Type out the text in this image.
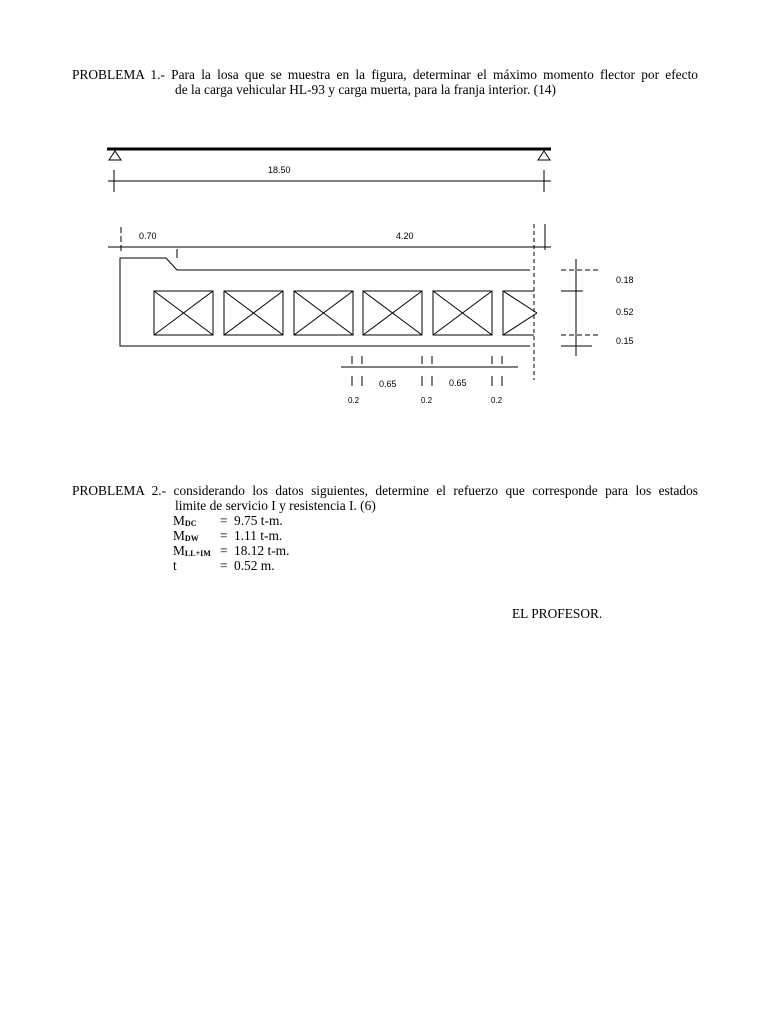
PROBLEMA 1.- Para la losa que se muestra en la figura, determinar el máximo momento flector por efecto
de la carga vehicular HL-93 y carga muerta, para la franja interior. (14)
18.50
0.70	4.20
0.18
0.52
0.15
0.65	0.65
0.2	0.2	0.2
PROBLEMA 2.- considerando los datos siguientes, determine el refuerzo que corresponde para los estados
limite de servicio I y resistencia I. (6)
$M_{DC} = 9.75$ t-m.
$M_{DW} = 1.11$ t-m.
$M_{LL+IM} = 18.12$ t-m.
t	= 0.52 m.
EL PROFESOR.
